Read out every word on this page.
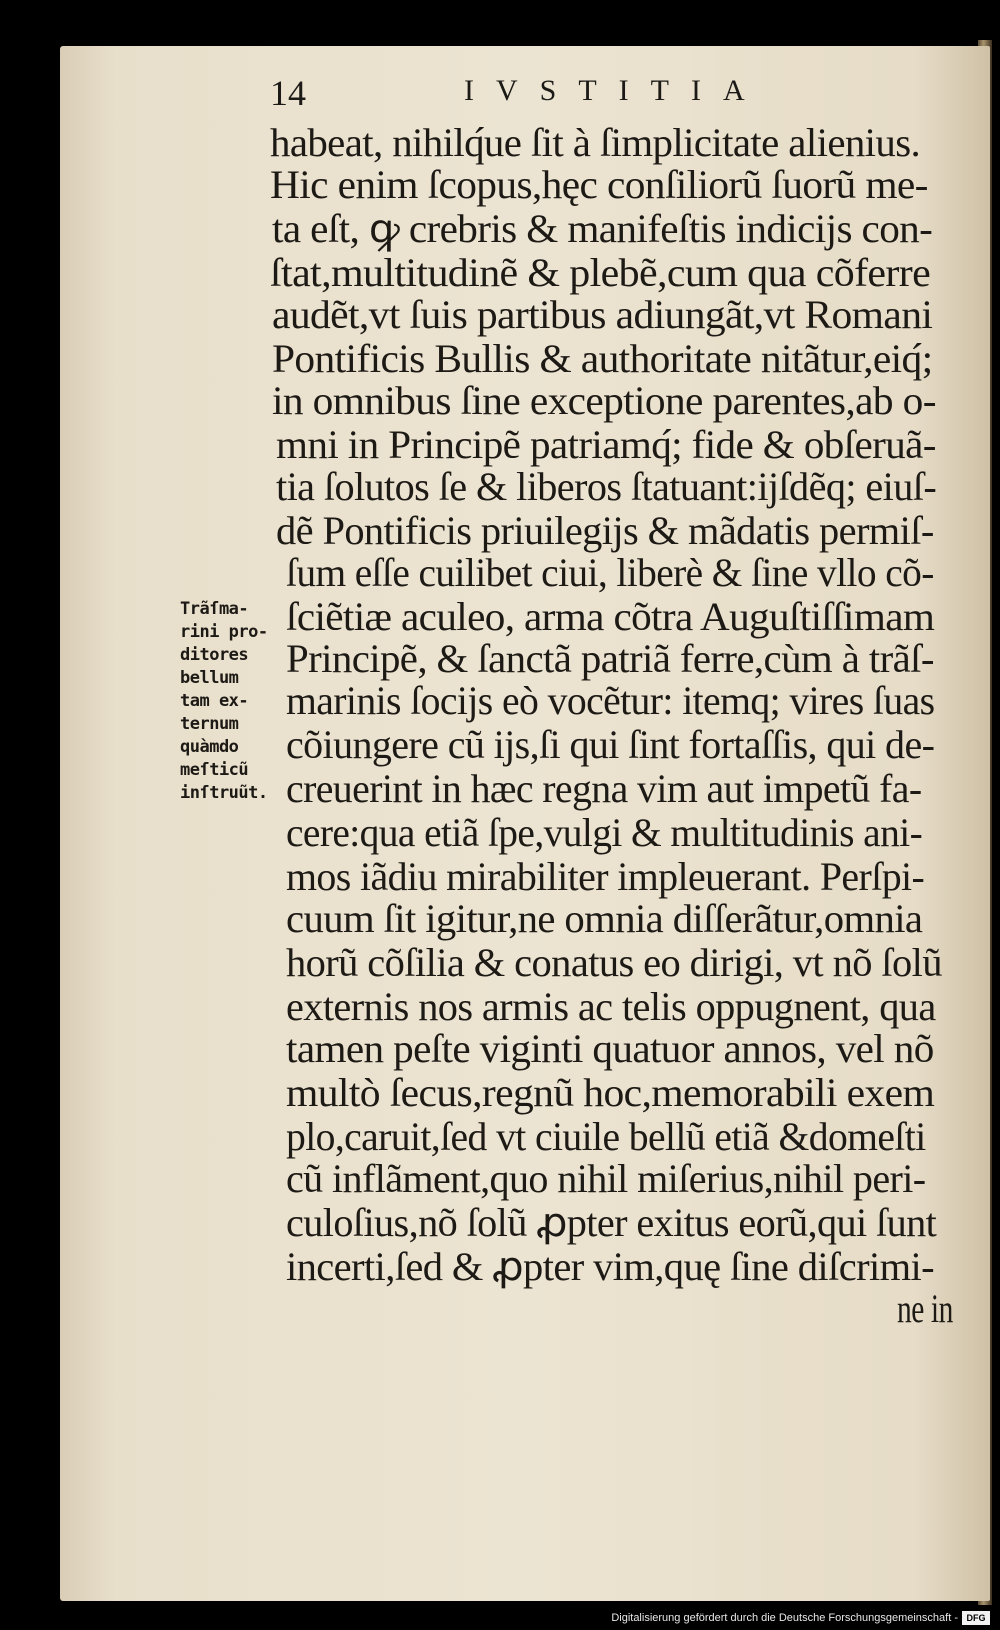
14	IVSTITIA
habeat, nihilq́ue ſit à ſimplicitate alienius.
Hic enim ſcopus,hęc conſiliorũ ſuorũ me-
ta eſt, ꝙ crebris & manifeſtis indicijs con-
ſtat,multitudinẽ & plebẽ,cum qua cõferre
audẽt,vt ſuis partibus adiungãt,vt Romani
Pontificis Bullis & authoritate nitãtur,eiq́;
in omnibus ſine exceptione parentes,ab o-
mni in Principẽ patriamq́; fide & obſeruã-
tia ſolutos ſe & liberos ſtatuant:ijſdẽq; eiuſ-
dẽ Pontificis priuilegijs & mãdatis permiſ-
ſum eſſe cuilibet ciui, liberè & ſine vllo cõ-
ſciẽtiæ aculeo, arma cõtra Auguſtiſſimam
Principẽ, & ſanctã patriã ferre,cùm à trãſ-
marinis ſocijs eò vocẽtur: itemq; vires ſuas
cõiungere cũ ijs,ſi qui ſint fortaſſis, qui de-
creuerint in hæc regna vim aut impetũ fa-
cere:qua etiã ſpe,vulgi & multitudinis ani-
mos iãdiu mirabiliter impleuerant. Perſpi-
cuum ſit igitur,ne omnia diſſerãtur,omnia
horũ cõſilia & conatus eo dirigi, vt nõ ſolũ
externis nos armis ac telis oppugnent, qua
tamen peſte viginti quatuor annos, vel nõ
multò ſecus,regnũ hoc,memorabili exem
plo,caruit,ſed vt ciuile bellũ etiã &domeſti
cũ inflãment,quo nihil miſerius,nihil peri-
culoſius,nõ ſolũ ꝓpter exitus eorũ,qui ſunt
incerti,ſed & ꝓpter vim,quę ſine diſcrimi-
ne in
Trãſma-
rini pro-
ditores
bellum
tam ex-
ternum
quàmdo
meſticũ
inſtruũt.
Digitalisierung gefördert durch die Deutsche Forschungsgemeinschaft - DFG
